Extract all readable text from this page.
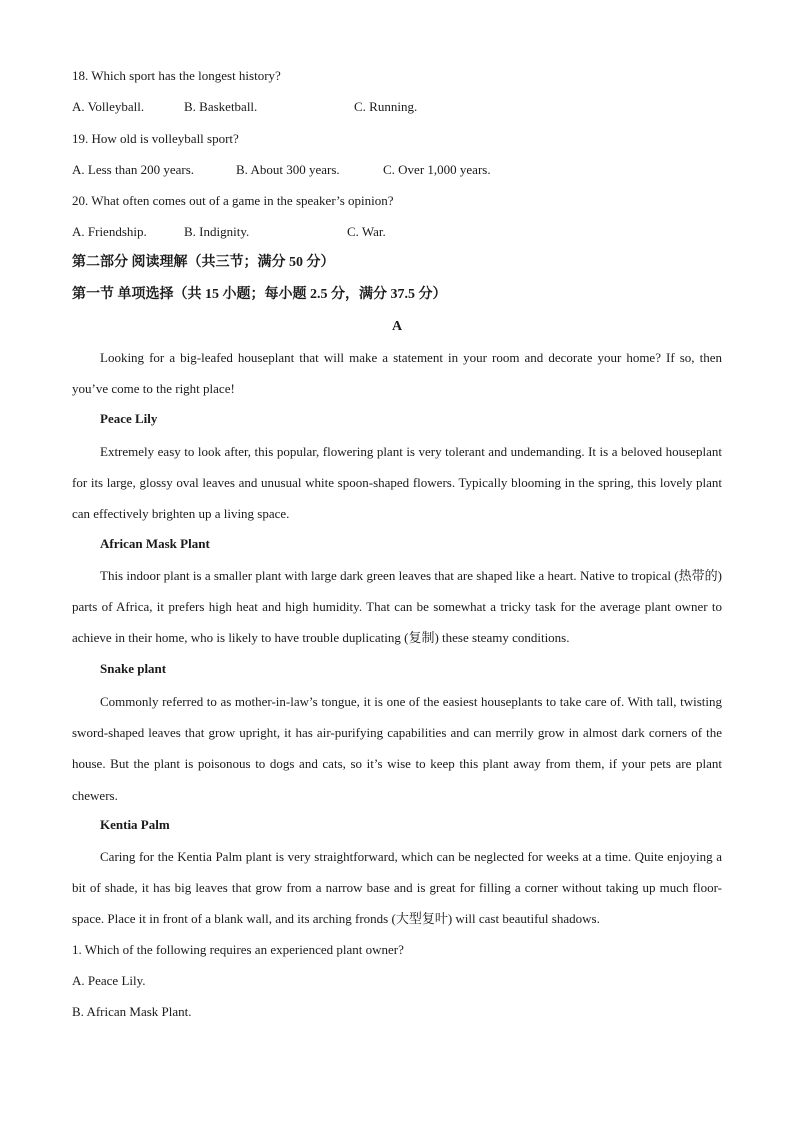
18. Which sport has the longest history?
A. Volleyball.	B. Basketball.	C. Running.
19. How old is volleyball sport?
A. Less than 200 years.	B. About 300 years.	C. Over 1,000 years.
20. What often comes out of a game in the speaker’s opinion?
A. Friendship.	B. Indignity.	C. War.
第二部分 阅读理解（共三节；满分 50 分）
第一节 单项选择（共 15 小题；每小题 2.5 分，满分 37.5 分）
A

Looking for a big-leafed houseplant that will make a statement in your room and decorate your home? If so, then you’ve come to the right place!

Peace Lily

Extremely easy to look after, this popular, flowering plant is very tolerant and undemanding. It is a beloved houseplant for its large, glossy oval leaves and unusual white spoon-shaped flowers. Typically blooming in the spring, this lovely plant can effectively brighten up a living space.

African Mask Plant

This indoor plant is a smaller plant with large dark green leaves that are shaped like a heart. Native to tropical (热带的) parts of Africa, it prefers high heat and high humidity. That can be somewhat a tricky task for the average plant owner to achieve in their home, who is likely to have trouble duplicating (复制) these steamy conditions.

Snake plant

Commonly referred to as mother-in-law’s tongue, it is one of the easiest houseplants to take care of. With tall, twisting sword-shaped leaves that grow upright, it has air-purifying capabilities and can merrily grow in almost dark corners of the house. But the plant is poisonous to dogs and cats, so it’s wise to keep this plant away from them, if your pets are plant chewers.

Kentia Palm

Caring for the Kentia Palm plant is very straightforward, which can be neglected for weeks at a time. Quite enjoying a bit of shade, it has big leaves that grow from a narrow base and is great for filling a corner without taking up much floor-space. Place it in front of a blank wall, and its arching fronds (大型复叶) will cast beautiful shadows.

1. Which of the following requires an experienced plant owner?
A. Peace Lily.
B. African Mask Plant.
